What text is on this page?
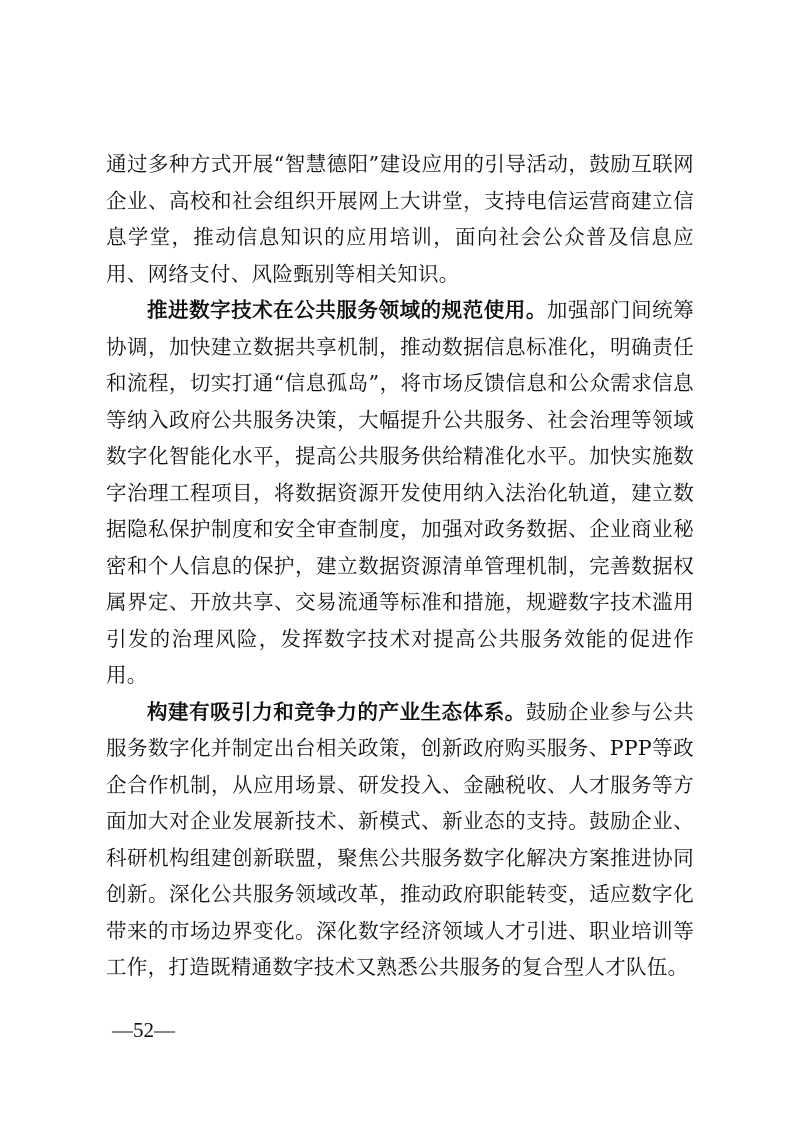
通过多种方式开展“智慧德阳”建设应用的引导活动，鼓励互联网企业、高校和社会组织开展网上大讲堂，支持电信运营商建立信息学堂，推动信息知识的应用培训，面向社会公众普及信息应用、网络支付、风险甄别等相关知识。

推进数字技术在公共服务领域的规范使用。加强部门间统筹协调，加快建立数据共享机制，推动数据信息标准化，明确责任和流程，切实打通“信息孤岛”，将市场反馈信息和公众需求信息等纳入政府公共服务决策，大幅提升公共服务、社会治理等领域数字化智能化水平，提高公共服务供给精准化水平。加快实施数字治理工程项目，将数据资源开发使用纳入法治化轨道，建立数据隐私保护制度和安全审查制度，加强对政务数据、企业商业秘密和个人信息的保护，建立数据资源清单管理机制，完善数据权属界定、开放共享、交易流通等标准和措施，规避数字技术滥用引发的治理风险，发挥数字技术对提高公共服务效能的促进作用。

构建有吸引力和竞争力的产业生态体系。鼓励企业参与公共服务数字化并制定出台相关政策，创新政府购买服务、PPP等政企合作机制，从应用场景、研发投入、金融税收、人才服务等方面加大对企业发展新技术、新模式、新业态的支持。鼓励企业、科研机构组建创新联盟，聚焦公共服务数字化解决方案推进协同创新。深化公共服务领域改革，推动政府职能转变，适应数字化带来的市场边界变化。深化数字经济领域人才引进、职业培训等工作，打造既精通数字技术又熟悉公共服务的复合型人才队伍。

—52—
